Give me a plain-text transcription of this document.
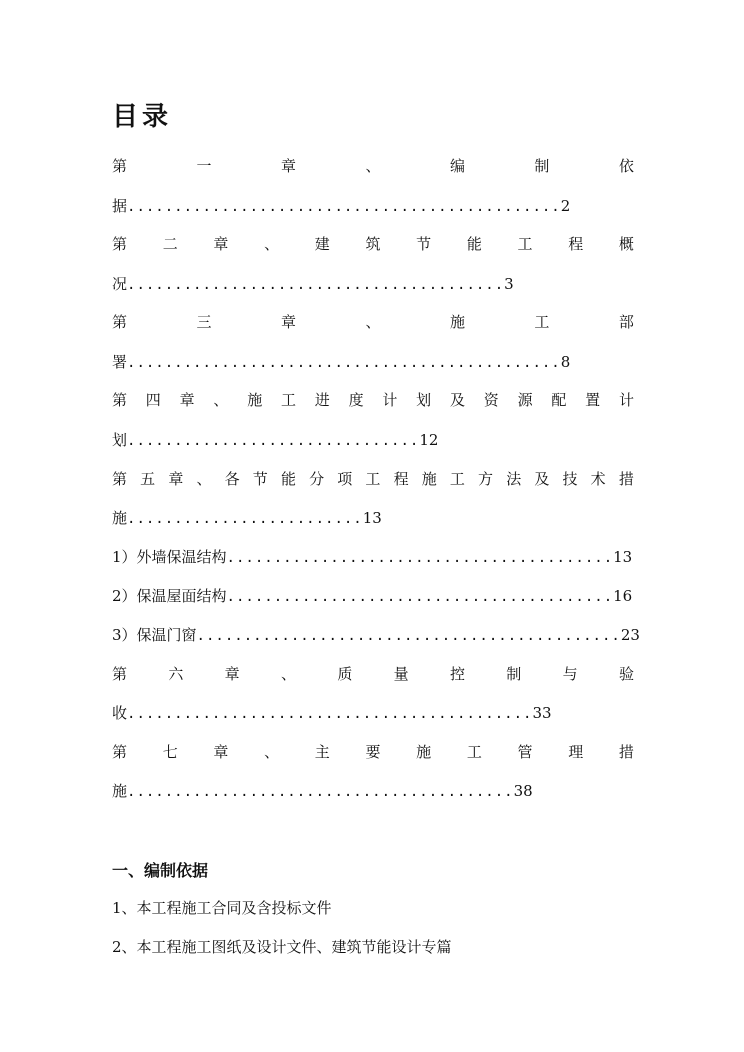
目录
第	一	章	、	编	制	依
据..............................................2
第 二 章 、 建 筑 节 能 工 程 概
况........................................3
第	三	章	、	施	工	部
署..............................................8
第 四 章 、 施 工 进 度 计 划 及 资 源 配 置 计
划...............................12
第 五 章 、 各 节 能 分 项 工 程 施 工 方 法 及 技 术 措
施.........................13
1）外墙保温结构.........................................13
2）保温屋面结构.........................................16
3）保温门窗.............................................23
第	六	章	、	质	量	控	制	与	验
收...........................................33
第 七 章 、 主 要 施 工 管 理 措
施.........................................38
一、编制依据
1、本工程施工合同及含投标文件
2、本工程施工图纸及设计文件、建筑节能设计专篇
